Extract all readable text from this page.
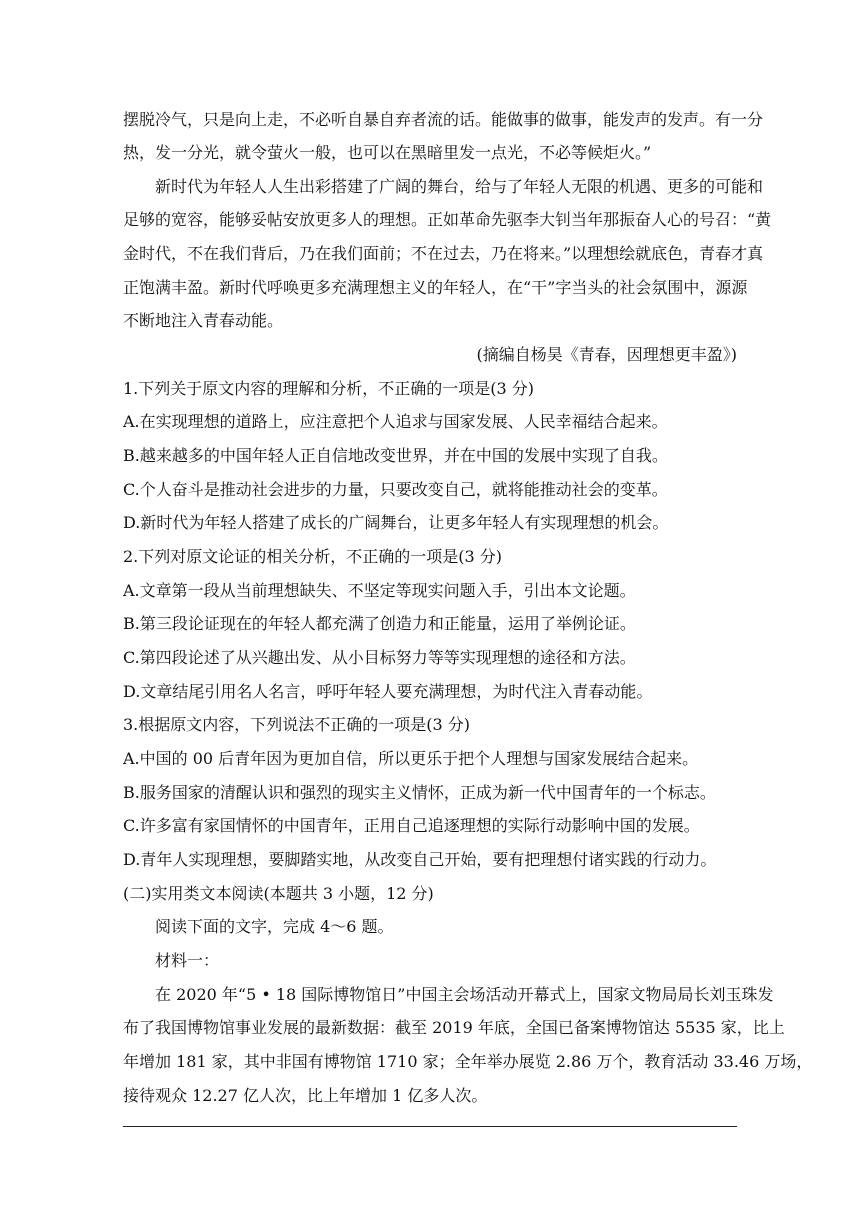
摆脱冷气，只是向上走，不必听自暴自弃者流的话。能做事的做事，能发声的发声。有一分
热，发一分光，就令萤火一般，也可以在黑暗里发一点光，不必等候炬火。”
新时代为年轻人人生出彩搭建了广阔的舞台，给与了年轻人无限的机遇、更多的可能和
足够的宽容，能够妥帖安放更多人的理想。正如革命先驱李大钊当年那振奋人心的号召：“黄
金时代，不在我们背后，乃在我们面前；不在过去，乃在将来。”以理想绘就底色，青春才真
正饱满丰盈。新时代呼唤更多充满理想主义的年轻人，在“干”字当头的社会氛围中，源源
不断地注入青春动能。
(摘编自杨昊《青春，因理想更丰盈》)
1.下列关于原文内容的理解和分析，不正确的一项是(3 分)
A.在实现理想的道路上，应注意把个人追求与国家发展、人民幸福结合起来。
B.越来越多的中国年轻人正自信地改变世界，并在中国的发展中实现了自我。
C.个人奋斗是推动社会进步的力量，只要改变自己，就将能推动社会的变革。
D.新时代为年轻人搭建了成长的广阔舞台，让更多年轻人有实现理想的机会。
2.下列对原文论证的相关分析，不正确的一项是(3 分)
A.文章第一段从当前理想缺失、不坚定等现实问题入手，引出本文论题。
B.第三段论证现在的年轻人都充满了创造力和正能量，运用了举例论证。
C.第四段论述了从兴趣出发、从小目标努力等等实现理想的途径和方法。
D.文章结尾引用名人名言，呼吁年轻人要充满理想，为时代注入青春动能。
3.根据原文内容，下列说法不正确的一项是(3 分)
A.中国的 00 后青年因为更加自信，所以更乐于把个人理想与国家发展结合起来。
B.服务国家的清醒认识和强烈的现实主义情怀，正成为新一代中国青年的一个标志。
C.许多富有家国情怀的中国青年，正用自己追逐理想的实际行动影响中国的发展。
D.青年人实现理想，要脚踏实地，从改变自己开始，要有把理想付诸实践的行动力。
(二)实用类文本阅读(本题共 3 小题，12 分)
阅读下面的文字，完成 4～6 题。
材料一：
在 2020 年“5 • 18 国际博物馆日”中国主会场活动开幕式上，国家文物局局长刘玉珠发
布了我国博物馆事业发展的最新数据：截至 2019 年底，全国已备案博物馆达 5535 家，比上
年增加 181 家，其中非国有博物馆 1710 家；全年举办展览 2.86 万个，教育活动 33.46 万场，
接待观众 12.27 亿人次，比上年增加 1 亿多人次。
